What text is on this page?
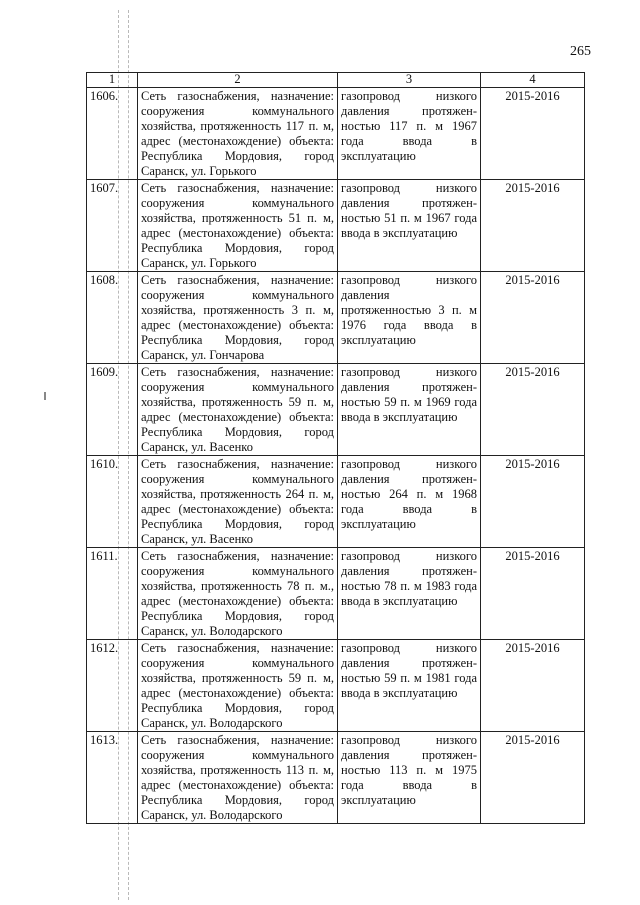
265
1	2	3	4
1606.	Сеть газоснабжения, назначение: сооружения коммунального хозяйства, протяженность 117 п. м, адрес (местонахождение) объекта: Республика Мордовия, город Саранск, ул. Горького	газопровод низкого давления протяжен-ностью 117 п. м 1967 года ввода в эксплуатацию	2015-2016
1607.	Сеть газоснабжения, назначение: сооружения коммунального хозяйства, протяженность 51 п. м, адрес (местонахождение) объекта: Республика Мордовия, город Саранск, ул. Горького	газопровод низкого давления протяжен-ностью 51 п. м 1967 года ввода в эксплуатацию	2015-2016
1608.	Сеть газоснабжения, назначение: сооружения коммунального хозяйства, протяженность 3 п. м, адрес (местонахождение) объекта: Республика Мордовия, город Саранск, ул. Гончарова	газопровод низкого давления протяженностью 3 п. м 1976 года ввода в эксплуатацию	2015-2016
1609.	Сеть газоснабжения, назначение: сооружения коммунального хозяйства, протяженность 59 п. м, адрес (местонахождение) объекта: Республика Мордовия, город Саранск, ул. Васенко	газопровод низкого давления протяжен-ностью 59 п. м 1969 года ввода в эксплуатацию	2015-2016
1610.	Сеть газоснабжения, назначение: сооружения коммунального хозяйства, протяженность 264 п. м, адрес (местонахождение) объекта: Республика Мордовия, город Саранск, ул. Васенко	газопровод низкого давления протяжен-ностью 264 п. м 1968 года ввода в эксплуатацию	2015-2016
1611.	Сеть газоснабжения, назначение: сооружения коммунального хозяйства, протяженность 78 п. м., адрес (местонахождение) объекта: Республика Мордовия, город Саранск, ул. Володарского	газопровод низкого давления протяжен-ностью 78 п. м 1983 года ввода в эксплуатацию	2015-2016
1612.	Сеть газоснабжения, назначение: сооружения коммунального хозяйства, протяженность 59 п. м, адрес (местонахождение) объекта: Республика Мордовия, город Саранск, ул. Володарского	газопровод низкого давления протяжен-ностью 59 п. м 1981 года ввода в эксплуатацию	2015-2016
1613.	Сеть газоснабжения, назначение: сооружения коммунального хозяйства, протяженность 113 п. м, адрес (местонахождение) объекта: Республика Мордовия, город Саранск, ул. Володарского	газопровод низкого давления протяжен-ностью 113 п. м 1975 года ввода в эксплуатацию	2015-2016
